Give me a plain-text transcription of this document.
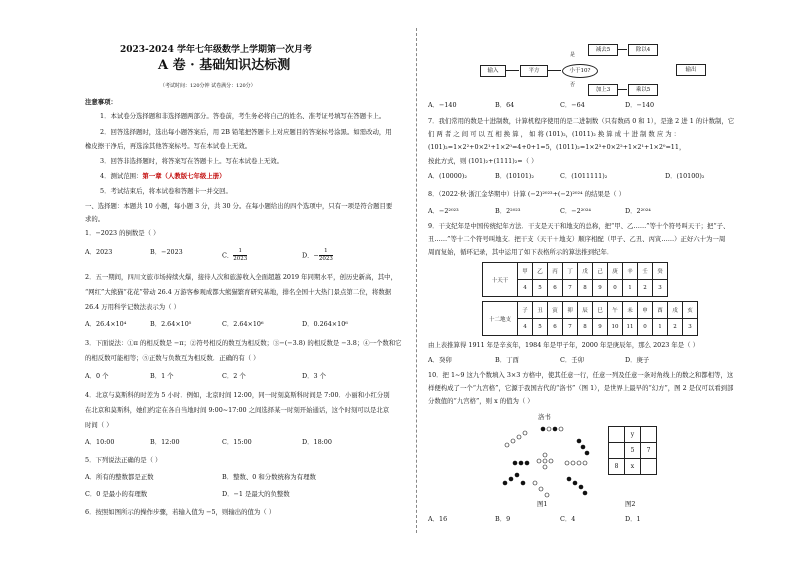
2023-2024 学年七年级数学上学期第一次月考
A 卷 · 基础知识达标测
（考试时间：120分钟 试卷满分：120分）
注意事项：
1．本试卷分选择题和非选择题两部分。答卷前，考生务必将自己的姓名、准考证号填写在答题卡上。
2．回答选择题时，选出每小题答案后，用 2B 铅笔把答题卡上对应题目的答案标号涂黑。如需改动，用
橡皮擦干净后，再选涂其他答案标号。写在本试卷上无效。
3．回答非选择题时，将答案写在答题卡上。写在本试卷上无效。
4．测试范围：第一章（人教版七年级上册）
5．考试结束后，将本试卷和答题卡一并交回。
一、选择题：本题共 10 小题，每小题 3 分，共 30 分。在每小题给出的四个选项中，只有一项是符合题目要
求的。
1．−2023 的倒数是（ ）
A．2023	B．−2023	C． $\frac{1}{2023}$	D．− $\frac{1}{2023}$
2．五一期间，四川文旅市场持续火爆，接待人次和旅游收入全面超越 2019 年同期水平，创历史新高，其中，
“网红”大熊猫“花花”带动 26.4 万游客参观成都大熊猫繁育研究基地，排名全国十大热门景点第二位，将数据
26.4 万用科学记数法表示为（ ）
A．26.4×10⁴	B．2.64×10⁵	C．2.64×10⁶	D．0.264×10⁶
3．下面说法：①π 的相反数是 −π；②符号相反的数互为相反数；③−(−3.8) 的相反数是 −3.8；④一个数和它
的相反数可能相等；⑤正数与负数互为相反数．正确的有（ ）
A．0 个	B．1 个	C．2 个	D．3 个
4．北京与莫斯科的时差为 5 小时．例如，北京时间 12:00，同一时刻莫斯科时间是 7:00．小丽和小红分别
在北京和莫斯科，她们约定在各自当地时间 9:00~17:00 之间选择某一时刻开始通话，这个时刻可以是北京
时间（ ）
A．10:00	B．12:00	C．15:00	D．18:00
5．下列说法正确的是（ ）
A．所有的整数都是正数	B．整数、0 和分数统称为有理数
C．0 是最小的有理数	D．−1 是最大的负整数
6．按照如图所示的操作步骤，若输入值为 −5，则输出的值为（ ）
输入	平方	小于10?
是
否
减去5	除以4
加上3	乘以5
输出
A．−140	B．64	C．−64	D．−140
7．我们常用的数是十进制数，计算机程序使用的是二进制数（只有数码 0 和 1），是逢 2 进 1 的计数制，它
们 两 者 之 间 可 以 互 相 换 算 ， 如 将 (101)₂，(1011)₂ 换 算 成 十 进 制 数 应 为 ：
(101)₂=1×2²+0×2¹+1×2⁰=4+0+1=5，(1011)₂=1×2³+0×2²+1×2¹+1×2⁰=11，
按此方式，则 (101)₂+(1111)₂=（ ）
A．(10000)₂	B．(10101)₂	C．(1011111)₂	D．(10100)₂
8．（2022·秋·浙江金华期中）计算 (−2)²⁰²³+(−2)²⁰²⁴ 的结果是（ ）
A．−2²⁰²³	B．2²⁰²³	C．−2²⁰²⁴	D．2²⁰²⁴
9．干支纪年是中国传统纪年方法．干支是天干和地支的总称，把“甲、乙……”等十个符号叫天干；把“子、
丑……”等十二个符号叫地支．把干支（天干＋地支）顺序相配（甲子、乙丑、丙寅……）正好六十为一周
周而复始，循环记录，其中运用了如下表格所示的算法推到纪年．
十天干	甲	乙	丙	丁	戊	己	庚	辛	壬	癸
	4	5	6	7	8	9	0	1	2	3
十二地支	子	丑	寅	卯	辰	巳	午	未	申	酉	戌	亥
	4	5	6	7	8	9	10	11	0	1	2	3
由上表推算得 1911 年是辛亥年，1984 年是甲子年，2000 年是庚辰年，那么 2023 年是（ ）
A．癸卯	B．丁酉	C．壬卯	D．庚子
10．把 1~9 这九个数填入 3×3 方格中，使其任意一行，任意一列及任意一条对角线上的数之和都相等，这
样便构成了一个“九宫格”，它源于我国古代的“洛书”（图 1），是世界上最早的“幻方”，图 2 是仅可以看到部
分数值的“九宫格”，则 x 的值为（ ）
洛书
图1
	y	
	5	7
8	x	
图2
A．16	B．9	C．4	D．1
